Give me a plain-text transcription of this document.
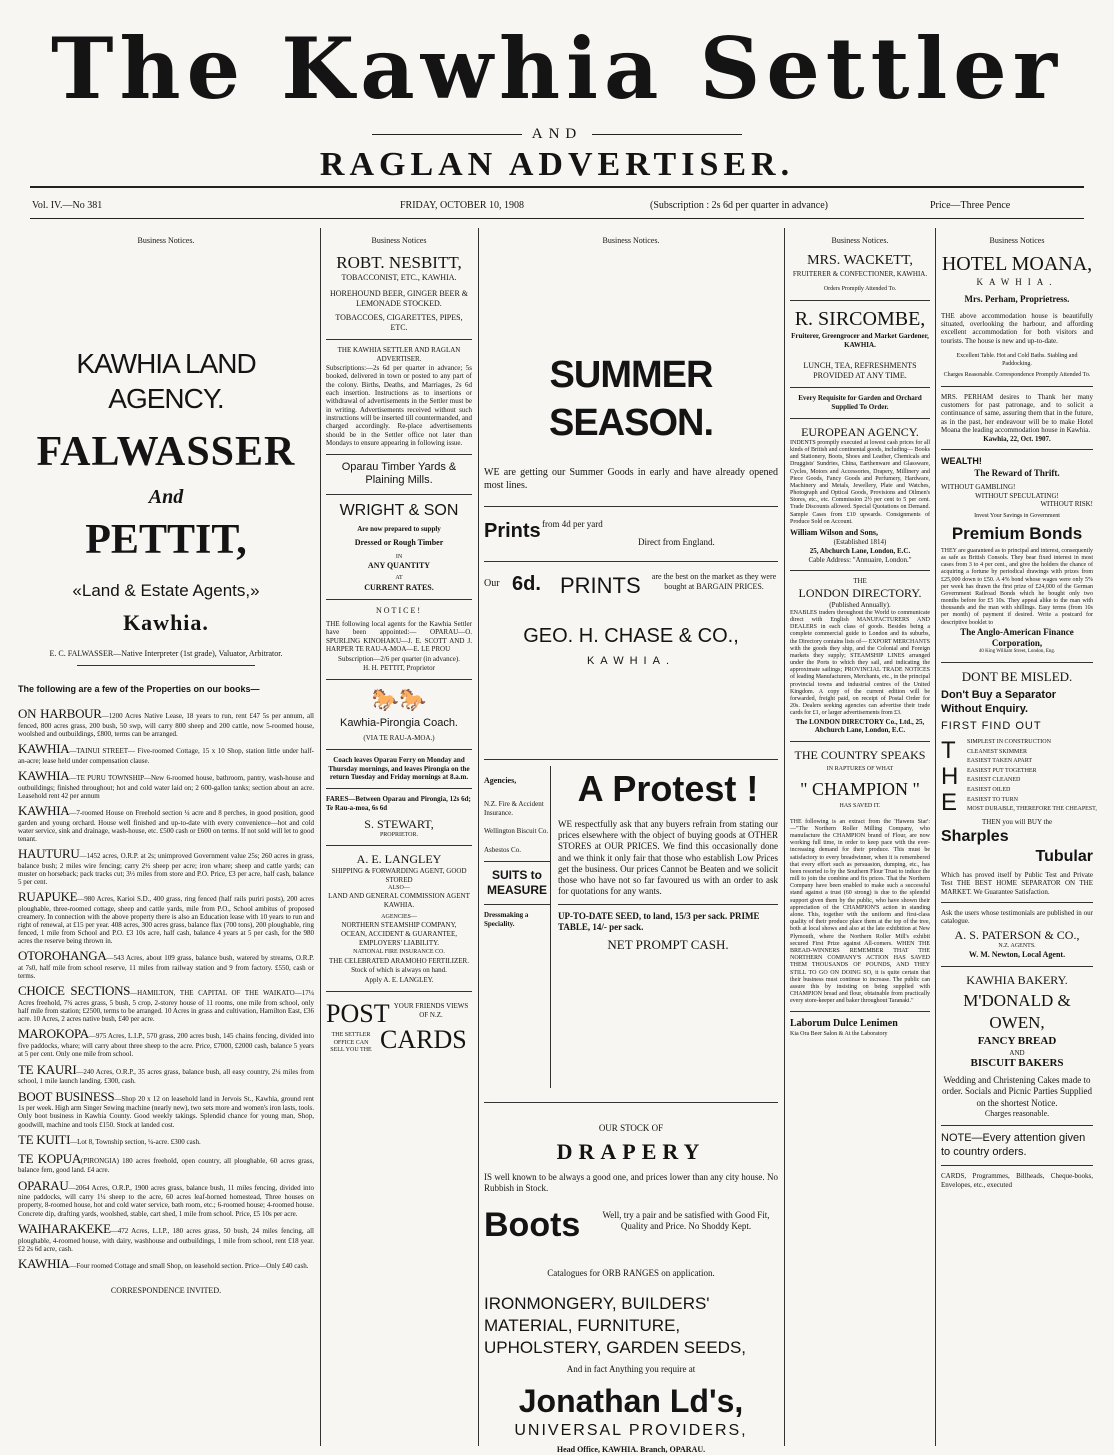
The Kawhia Settler
AND
RAGLAN ADVERTISER.
Vol. IV.—No 381	FRIDAY, OCTOBER 10, 1908	(Subscription : 2s 6d per quarter in advance)	Price—Three Pence
Business Notices.
KAWHIA LAND AGENCY.
FALWASSER
And
PETTIT,
«Land & Estate Agents,»
Kawhia.
E. C. FALWASSER—Native Interpreter (1st grade), Valuator, Arbitrator.
The following are a few of the Properties on our books—
ON HARBOUR—1200 Acres Native Lease, 18 years to run, rent £47 5s per annum, all fenced, 800 acres grass, 200 bush, 50 swp, will carry 800 sheep and 200 cattle, now 5-roomed house, woolshed and outbuildings, £800, terms can be arranged.
KAWHIA—TAINUI STREET— Five-roomed Cottage, 15 x 10 Shop, station little under half-an-acre; lease held under compensation clause.
KAWHIA—TE PURU TOWNSHIP—New 6-roomed house, bathroom, pantry, wash-house and outbuildings; finished throughout; hot and cold water laid on; 2 600-gallon tanks; section about an acre. Leasehold rent 42 per annum
KAWHIA—7-roomed House on Freehold section ¼ acre and 8 perches, in good position, good garden and young orchard. House well finished and up-to-date with every convenience—hot and cold water service, sink and drainage, wash-house, etc. £500 cash or £600 on terms. If not sold will let to good tenant.
HAUTURU—1452 acres, O.R.P. at 2s; unimproved Government value 25s; 260 acres in grass, balance bush; 2 miles wire fencing; carry 2½ sheep per acre; iron whare; sheep and cattle yards; can muster on horseback; pack tracks cut; 3½ miles from store and P.O. Price, £3 per acre, half cash, balance 5 per cent.
RUAPUKE—980 Acres, Karioi S.D., 400 grass, ring fenced (half rails puriri posts), 200 acres ploughable, three-roomed cottage, sheep and cattle yards, mile from P.O., School ambitus of proposed creamery. In connection with the above property there is also an Education lease with 10 years to run and right of renewal, at £15 per year. 408 acres, 300 acres grass, balance flax (700 tons), 200 ploughable, ring fenced, 1 mile from School and P.O. £3 10s acre, half cash, balance 4 years at 5 per cash, for the 980 acres the reserve being thrown in.
OTOROHANGA—543 Acres, about 109 grass, balance bush, watered by streams, O.R.P. at 7s0, half mile from school reserve, 11 miles from railway station and 9 from factory. £550, cash or terms.
CHOICE SECTIONS—HAMILTON, THE CAPITAL OF THE WAIKATO—17¼ Acres freehold, 7¾ acres grass, 5 bush, 5 crop, 2-storey house of 11 rooms, one mile from school, only half mile from station; £2500, terms to be arranged. 10 Acres in grass and cultivation, Hamilton East, £36 acre. 10 Acres, 2 acres native bush, £40 per acre.
MAROKOPA—975 Acres, L.I.P., 570 grass, 200 acres bush, 145 chains fencing, divided into five paddocks, whare; will carry about three sheep to the acre. Price, £7000, £2000 cash, balance 5 years at 5 per cent. Only one mile from school.
TE KAURI—240 Acres, O.R.P., 35 acres grass, balance bush, all easy country, 2¼ miles from school, 1 mile launch landing. £300, cash.
BOOT BUSINESS—Shop 20 x 12 on leasehold land in Jervois St., Kawhia, ground rent 1s per week. High arm Singer Sewing machine (nearly new), two sets more and women's iron lasts, tools. Only boot business in Kawhia County. Good weekly takings. Splendid chance for young man, Shop, goodwill, machine and tools £150. Stock at landed cost.
TE KUITI—Lot 8, Township section, ¼-acre. £300 cash.
TE KOPUA(PIRONGIA) 180 acres freehold, open country, all ploughable, 60 acres grass, balance fern, good land. £4 acre.
OPARAU—2064 Acres, O.R.P., 1900 acres grass, balance bush, 11 miles fencing, divided into nine paddocks, will carry 1¼ sheep to the acre, 60 acres leaf-horned homestead, Three houses on property, 8-roomed house, hot and cold water service, bath room, etc.; 6-roomed house; 4-roomed house. Concrete dip, drafting yards, woolshed, stable, cart shed, 1 mile from school. Price, £5 10s per acre.
WAIHARAKEKE—472 Acres, L.I.P., 180 acres grass, 50 bush, 24 miles fencing, all ploughable, 4-roomed house, with dairy, washhouse and outbuildings, 1 mile from school, rent £18 year. £2 2s 6d acre, cash.
KAWHIA—Four roomed Cottage and small Shop, on leasehold section. Price—Only £40 cash.
CORRESPONDENCE INVITED.
Business Notices
ROBT. NESBITT,
TOBACCONIST, ETC., KAWHIA.
HOREHOUND BEER, GINGER BEER & LEMONADE STOCKED.
TOBACCOES, CIGARETTES, PIPES, ETC.
THE KAWHIA SETTLER AND RAGLAN ADVERTISER.
Subscriptions:—2s 6d per quarter in advance; 5s booked, delivered in town or posted to any part of the colony. Births, Deaths, and Marriages, 2s 6d each insertion. Instructions as to insertions or withdrawal of advertisements in the Settler must be in writing. Advertisements received without such instructions will be inserted till countermanded, and charged accordingly. Re-place advertisements should be in the Settler office not later than Mondays to ensure appearing in following issue.
Oparau Timber Yards & Plaining Mills.
WRIGHT & SON
Are now prepared to supply
Dressed or Rough Timber
IN
ANY QUANTITY
AT
CURRENT RATES.
NOTICE!
THE following local agents for the Kawhia Settler have been appointed:— OPARAU—O. SPURLING KINOHAKU—J. E. SCOTT AND J. HARPER TE RAU-A-MOA—E. LE PROU
Subscription—2/6 per quarter (in advance).
H. H. PETTIT, Proprietor
🐎🐎
Kawhia-Pirongia Coach.
(VIA TE RAU-A-MOA.)
Coach leaves Oparau Ferry on Monday and Thursday mornings, and leaves Pirongia on the return Tuesday and Friday mornings at 8.a.m.
FARES—Between Oparau and Pirongia, 12s 6d; Te Rau-a-moa, 6s 6d
S. STEWART,
PROPRIETOR.
A. E. LANGLEY
SHIPPING & FORWARDING AGENT, GOOD STORED
ALSO—
LAND AND GENERAL COMMISSION AGENT KAWHIA.
AGENCIES—
NORTHERN STEAMSHIP COMPANY,
OCEAN, ACCIDENT & GUARANTEE, EMPLOYERS' LIABILITY.
NATIONAL FIRE INSURANCE CO.
THE CELEBRATED ARAMOHO FERTILIZER.
Stock of which is always on hand.
Apply A. E. LANGLEY.
POST YOUR FRIENDS VIEWS OF N.Z.
THE SETTLER OFFICE CAN SELL YOU THE CARDS
Business Notices.
SUMMER SEASON.
WE are getting our Summer Goods in early and have already opened most lines.
Prints from 4d per yard
Direct from England.
Our 6d. PRINTS are the best on the market as they were bought at BARGAIN PRICES.
GEO. H. CHASE & CO.,
KAWHIA.
Agencies,
N.Z. Fire & Accident Insurance.
Wellington Biscuit Co.
Asbestos Co.
SUITS to MEASURE
Dressmaking a Speciality.
A Protest !
WE respectfully ask that any buyers refrain from stating our prices elsewhere with the object of buying goods at OTHER STORES at OUR PRICES. We find this occasionally done and we think it only fair that those who establish Low Prices get the business. Our prices Cannot be Beaten and we solicit those who have not so far favoured us with an order to ask for quotations for any wants.
UP-TO-DATE SEED, to land, 15/3 per sack. PRIME TABLE, 14/- per sack.
NET PROMPT CASH.
OUR STOCK OF
DRAPERY
IS well known to be always a good one, and prices lower than any city house. No Rubbish in Stock.
Boots	Well, try a pair and be satisfied with Good Fit, Quality and Price. No Shoddy Kept.
Catalogues for ORB RANGES on application.
IRONMONGERY, BUILDERS' MATERIAL, FURNITURE, UPHOLSTERY, GARDEN SEEDS,
And in fact Anything you require at
Jonathan Ld's,
UNIVERSAL PROVIDERS,
Head Office, KAWHIA. Branch, OPARAU.
Business Notices.
MRS. WACKETT,
FRUITERER & CONFECTIONER, KAWHIA.
Orders Promptly Attended To.
R. SIRCOMBE,
Fruiterer, Greengrocer and Market Gardener, KAWHIA.
LUNCH, TEA, REFRESHMENTS PROVIDED AT ANY TIME.
Every Requisite for Garden and Orchard Supplied To Order.
EUROPEAN AGENCY.
INDENTS promptly executed at lowest cash prices for all kinds of British and continental goods, including— Books and Stationery, Boots, Shoes and Leather, Chemicals and Druggists' Sundries, China, Earthenware and Glassware, Cycles, Motors and Accessories, Drapery, Millinery and Piece Goods, Fancy Goods and Perfumery, Hardware, Machinery and Metals, Jewellery, Plate and Watches, Photograph and Optical Goods, Provisions and Oilmen's Stores, etc., etc. Commission 2½ per cent to 5 per cent. Trade Discounts allowed. Special Quotations on Demand. Sample Cases from £10 upwards. Consignments of Produce Sold on Account.
William Wilson and Sons,
(Established 1814)
25, Abchurch Lane, London, E.C.
Cable Address: "Annuaire, London."
THE
LONDON DIRECTORY.
(Published Annually).
ENABLES traders throughout the World to communicate direct with English MANUFACTURERS AND DEALERS in each class of goods. Besides being a complete commercial guide to London and its suburbs, the Directory contains lists of— EXPORT MERCHANTS with the goods they ship, and the Colonial and Foreign markets they supply; STEAMSHIP LINES arranged under the Ports to which they sail, and indicating the approximate sailings; PROVINCIAL TRADE NOTICES of leading Manufacturers, Merchants, etc., in the principal provincial towns and industrial centres of the United Kingdom. A copy of the current edition will be forwarded, freight paid, on receipt of Postal Order for 20s. Dealers seeking agencies can advertise their trade cards for £1, or larger advertisements from £3.
The LONDON DIRECTORY Co., Ltd., 25, Abchurch Lane, London, E.C.
THE COUNTRY SPEAKS
IN RAPTURES OF WHAT
" CHAMPION "
HAS SAVED IT.
THE following is an extract from the 'Hawera Star':—"The Northern Roller Milling Company, who manufacture the CHAMPION brand of Flour, are now working full time, in order to keep pace with the ever-increasing demand for their produce. This must be satisfactory to every breadwinner, when it is remembered that every effort such as persuasion, dumping, etc., has been resorted to by the Southern Flour Trust to induce the mill to join the combine and fix prices. That the Northern Company have been enabled to make such a successful stand against a trust (60 strong) is due to the splendid support given them by the public, who have shown their appreciation of the CHAMPION'S action in standing alone. This, together with the uniform and first-class quality of their produce place them at the top of the tree, both at local shows and also at the late exhibition at New Plymouth, where the Northern Roller Mill's exhibit secured First Prize against All-comers. WHEN THE BREAD-WINNERS REMEMBER THAT THE NORTHERN COMPANY'S ACTION HAS SAVED THEM THOUSANDS OF POUNDS, AND THEY STILL TO GO ON DOING SO, it is quite certain that their business must continue to increase. The public can assure this by insisting on being supplied with CHAMPION bread and flour, obtainable from practically every store-keeper and baker throughout Taranaki."
Laborum Dulce Lenimen
Kia Ora Beer Salon & At the Laboratory
Business Notices
HOTEL MOANA,
KAWHIA.
Mrs. Perham, Proprietress.
THE above accommodation house is beautifully situated, overlooking the harbour, and affording excellent accommodation for both visitors and tourists. The house is new and up-to-date.
Excellent Table. Hot and Cold Baths. Stabling and Paddocking.
Charges Reasonable. Correspondence Promptly Attended To.
MRS. PERHAM desires to Thank her many customers for past patronage, and to solicit a continuance of same, assuring them that in the future, as in the past, her endeavour will be to make Hotel Moana the leading accommodation house in Kawhia.
Kawhia, 22, Oct. 1907.
WEALTH!
The Reward of Thrift.
WITHOUT GAMBLING!
WITHOUT SPECULATING!
WITHOUT RISK!
Invest Your Savings in Government
Premium Bonds
THEY are guaranteed as to principal and interest, consequently as safe as British Consols. They bear fixed interest in most cases from 3 to 4 per cent., and give the holders the chance of acquiring a fortune by periodical drawings with prizes from £25,000 down to £50. A 4% bond whose wages were only 5% per week has drawn the first prize of £24,000 of the German Government Railroad Bonds which he bought only two months before for £5 10s. They appeal alike to the man with thousands and the man with shillings. Easy terms (from 10s per month) of payment if desired. Write a postcard for descriptive booklet to
The Anglo-American Finance Corporation,
40 King William Street, London, Eng.
DONT BE MISLED.
Don't Buy a Separator Without Enquiry.
FIRST FIND OUT
T
H
E
SIMPLEST IN CONSTRUCTION
CLEANEST SKIMMER
EASIEST TAKEN APART
EASIEST PUT TOGETHER
EASIEST CLEANED
EASIEST OILED
EASIEST TO TURN
MOST DURABLE, THEREFORE THE CHEAPEST,
THEN you will BUY the
Sharples
Tubular
Which has proved itself by Public Test and Private Test THE BEST HOME SEPARATOR ON THE MARKET. We Guarantee Satisfaction.
Ask the users whose testimonials are published in our catalogue.
A. S. PATERSON & CO.,
N.Z. AGENTS.
W. M. Newton, Local Agent.
KAWHIA BAKERY.
M'DONALD & OWEN,
FANCY BREAD
AND
BISCUIT BAKERS
Wedding and Christening Cakes made to order. Socials and Picnic Parties Supplied on the shortest Notice.
Charges reasonable.
NOTE—Every attention given to country orders.
CARDS, Programmes, Billheads, Cheque-books, Envelopes, etc., executed
